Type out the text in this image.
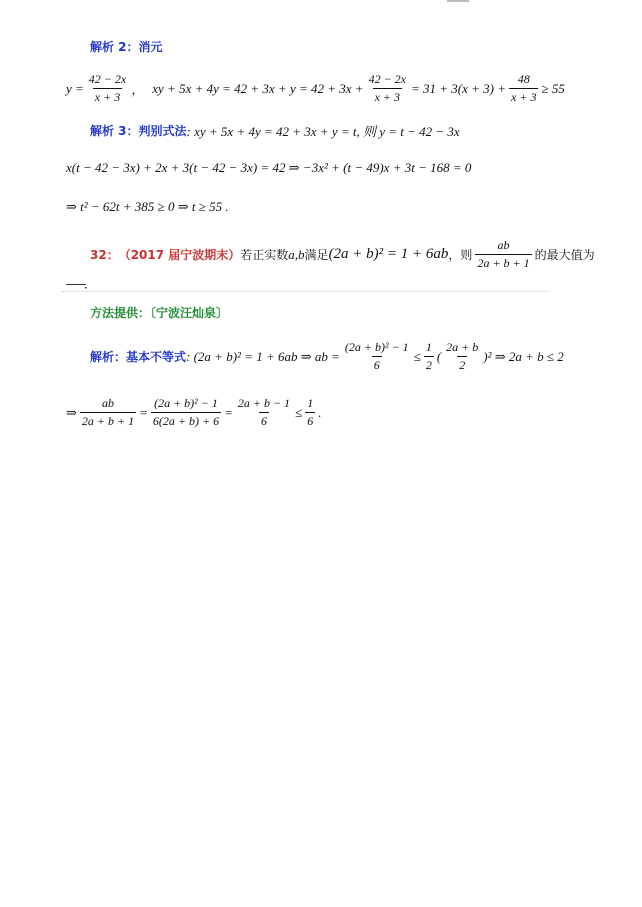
解析 2：消元
$y = \frac{42 - 2x}{x + 3}$ ， xy + $5x + 4y = 42 + 3x + y = 42 + 3x + \frac{42 - 2x}{x + 3} = 31 + 3(x + 3) + \frac{48}{x + 3} \ge 55$
解析 3：判别式法 : xy + 5x + 4y = 42 + 3x + y = t, 则 y = t − 42 − 3x
x(t − 42 − 3x) + 2x + 3(t − 42 − 3x) = 42 ⇒ −3x² + (t − 49)x + 3t − 168 = 0
⇒ t² − 62t + 385 ≥ 0 ⇒ t ≥ 55 .
32： （2017 届宁波期末） 若正实数 a,b 满足 (2a + b)² = 1 + 6ab ，则 $\frac{ab}{2a + b + 1}$ 的最大值为
．
方法提供：〔宁波汪灿泉〕
解析：基本不等式 : (2a + b)² = 1 + 6ab ⇒ ab = $\frac{\text{(2a + b)² − 1}}{6} \le \frac{1}{2}$ ( $\frac{2a + b}{2} )^2$ ⇒ 2a + b ≤ 2
⇒ $\frac{ab}{2a + b + 1} = \frac{\text{(2a + b)² − 1}}{6(2a + b) + 6} = \frac{2a + b - 1}{6} \le \frac{1}{6}$ .
